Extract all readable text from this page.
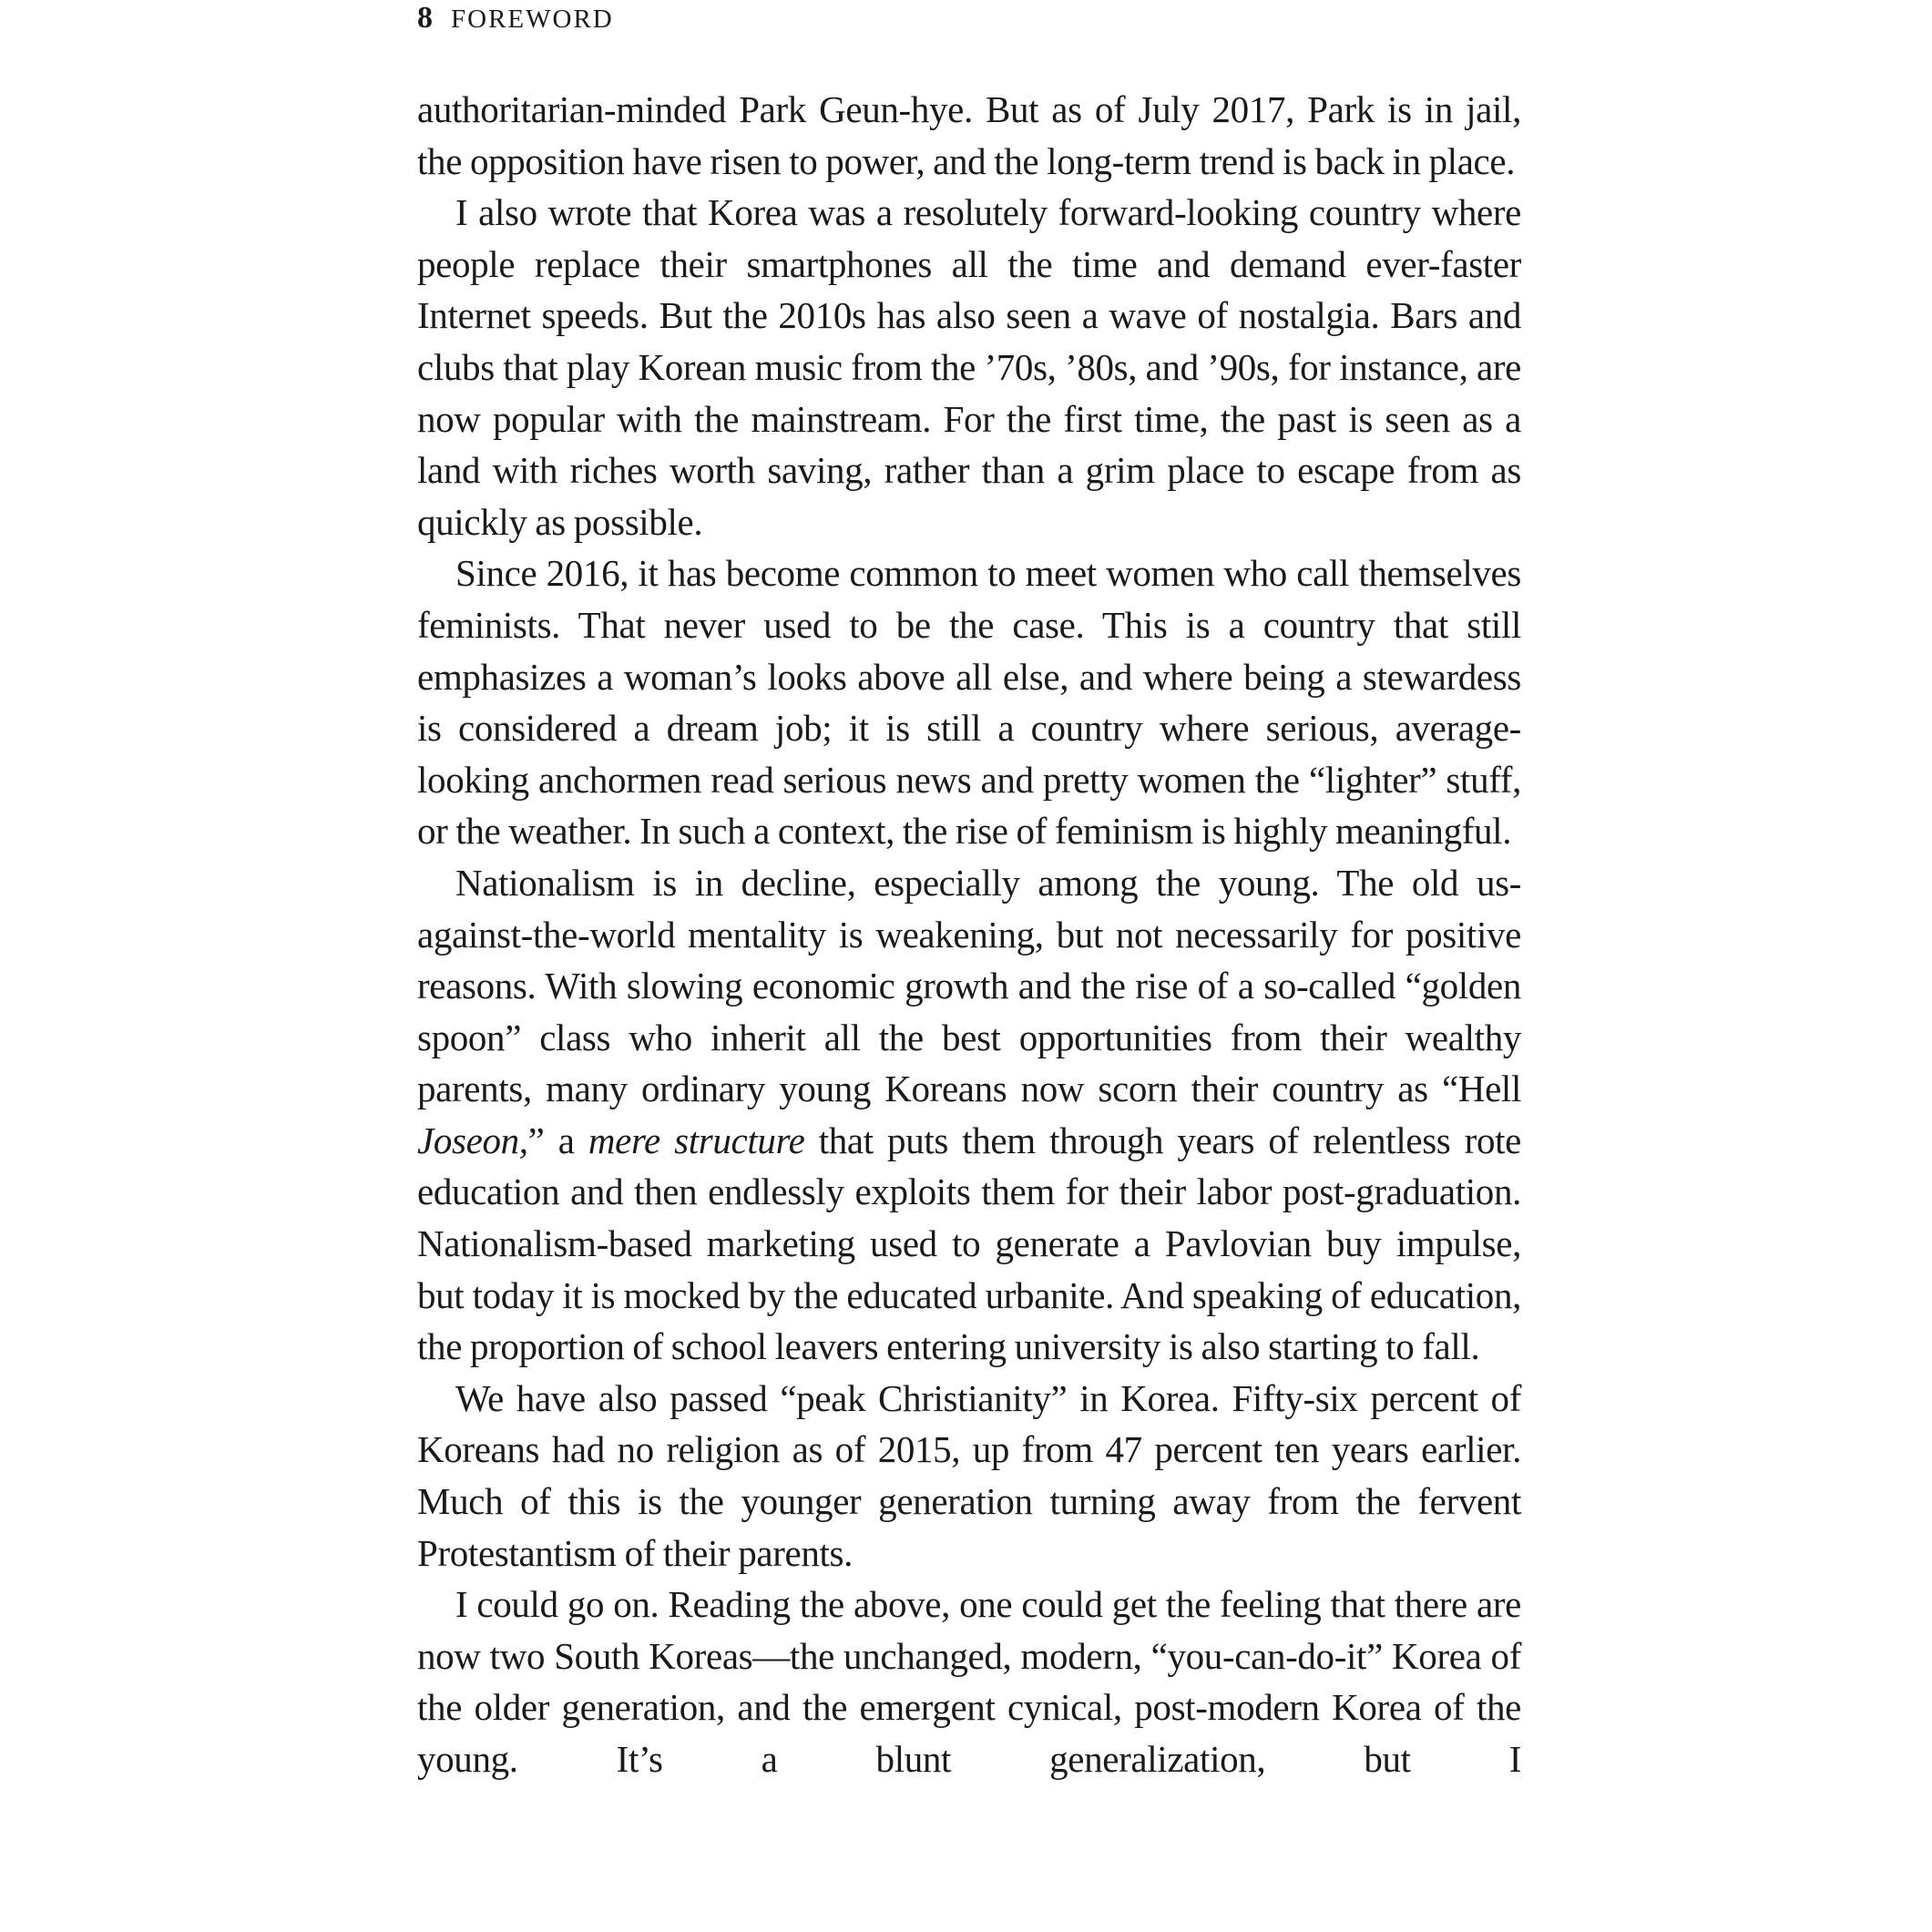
8 FOREWORD

authoritarian-minded Park Geun-hye. But as of July 2017, Park is in jail, the opposition have risen to power, and the long-term trend is back in place.

I also wrote that Korea was a resolutely forward-looking country where people replace their smartphones all the time and demand ever-faster Internet speeds. But the 2010s has also seen a wave of nostalgia. Bars and clubs that play Korean music from the ’70s, ’80s, and ’90s, for instance, are now popular with the mainstream. For the first time, the past is seen as a land with riches worth saving, rather than a grim place to escape from as quickly as possible.

Since 2016, it has become common to meet women who call themselves feminists. That never used to be the case. This is a country that still emphasizes a woman’s looks above all else, and where being a stewardess is considered a dream job; it is still a country where serious, average-looking anchormen read serious news and pretty women the “lighter” stuff, or the weather. In such a context, the rise of feminism is highly meaningful.

Nationalism is in decline, especially among the young. The old us-against-the-world mentality is weakening, but not necessarily for positive reasons. With slowing economic growth and the rise of a so-called “golden spoon” class who inherit all the best opportunities from their wealthy parents, many ordinary young Koreans now scorn their country as “Hell Joseon,” a mere structure that puts them through years of relentless rote education and then endlessly exploits them for their labor post-graduation. Nationalism-based marketing used to generate a Pavlovian buy impulse, but today it is mocked by the educated urbanite. And speaking of education, the proportion of school leavers entering university is also starting to fall.

We have also passed “peak Christianity” in Korea. Fifty-six percent of Koreans had no religion as of 2015, up from 47 percent ten years earlier. Much of this is the younger generation turning away from the fervent Protestantism of their parents.

I could go on. Reading the above, one could get the feeling that there are now two South Koreas—the unchanged, modern, “you-can-do-it” Korea of the older generation, and the emergent cynical, post-modern Korea of the young. It’s a blunt generalization, but I
